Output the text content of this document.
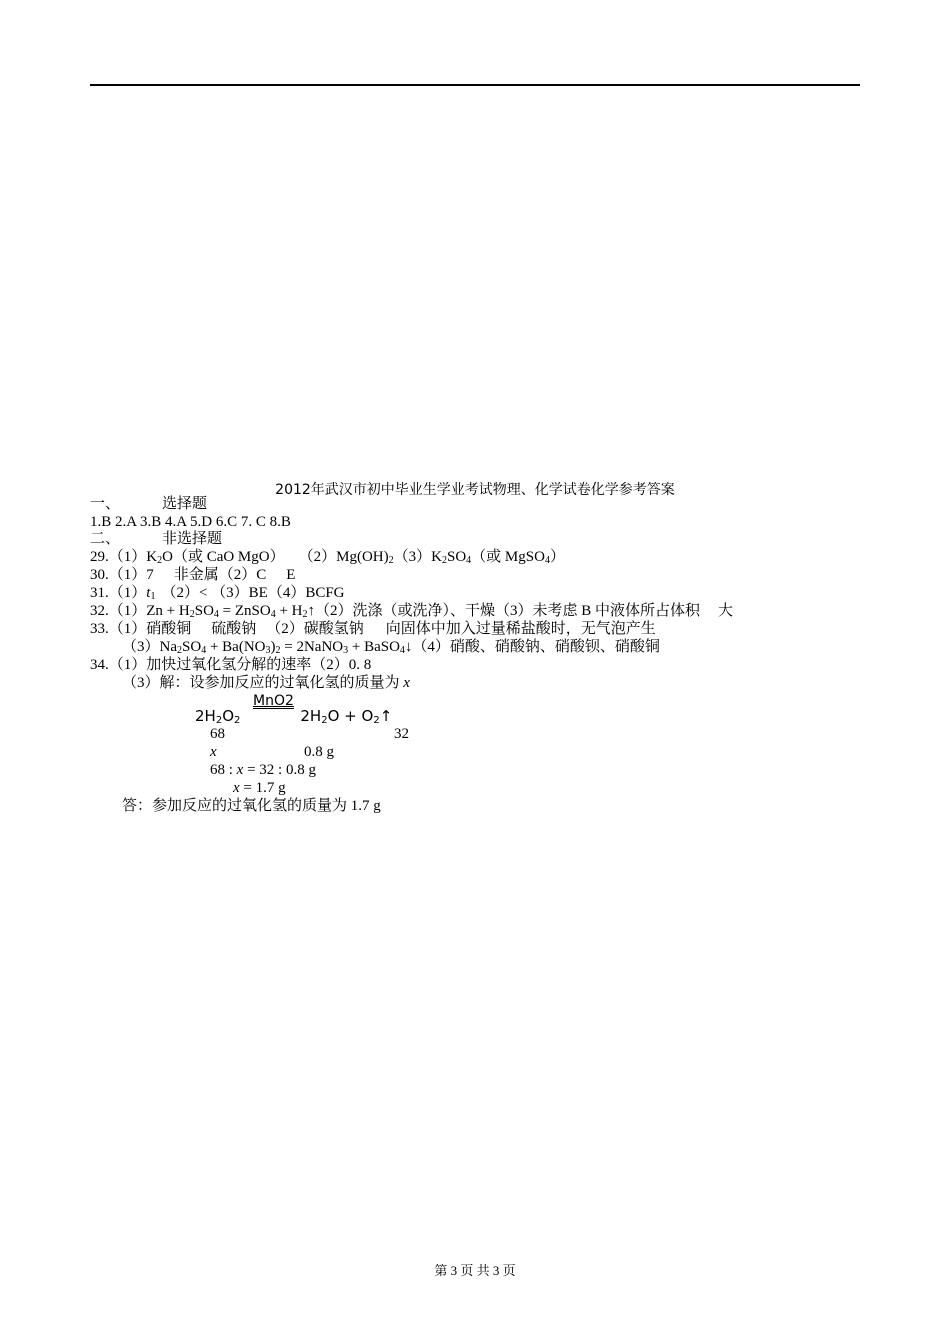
2012年武汉市初中毕业生学业考试物理、化学试卷化学参考答案
一、	选择题
1.B 2.A 3.B 4.A 5.D 6.C 7. C 8.B
二、	非选择题
$29.(1)K_2O$（或 CaO MgO） $(2)Mg(OH)_2(3)K_2SO_4$（或 MgSO$_4$）
30.（1）7 非金属（2）C E
$31.(1)t_1$ （2）< （3）BE（4）BCFG
$32.(1)Zn + H_2SO_4$ = ZnSO$_4$ + $H_2↑(2)$洗涤（或洗净）、干燥（3）未考虑 B 中液体所占体积 大
33.（1）硝酸铜 硫酸钠 （2）碳酸氢钠 向固体中加入过量稀盐酸时，无气泡产生
$(3)Na_2SO_4 + Ba(NO_3)_2$ = 2NaNO$_3$ + BaSO$_4$↓（4）硝酸、硝酸钠、硝酸钡、硝酸铜
34.（1）加快过氧化氢分解的速率（2）0. 8
（3）解：设参加反应的过氧化氢的质量为 x
MnO2
$2H_2O_2$	$2H_2O$ + $O_2↑$
68	32
x	0.8 g
68 : x = 32 : 0.8 g
x = 1.7 g
答：参加反应的过氧化氢的质量为 1.7 g
第 3 页 共 3 页
